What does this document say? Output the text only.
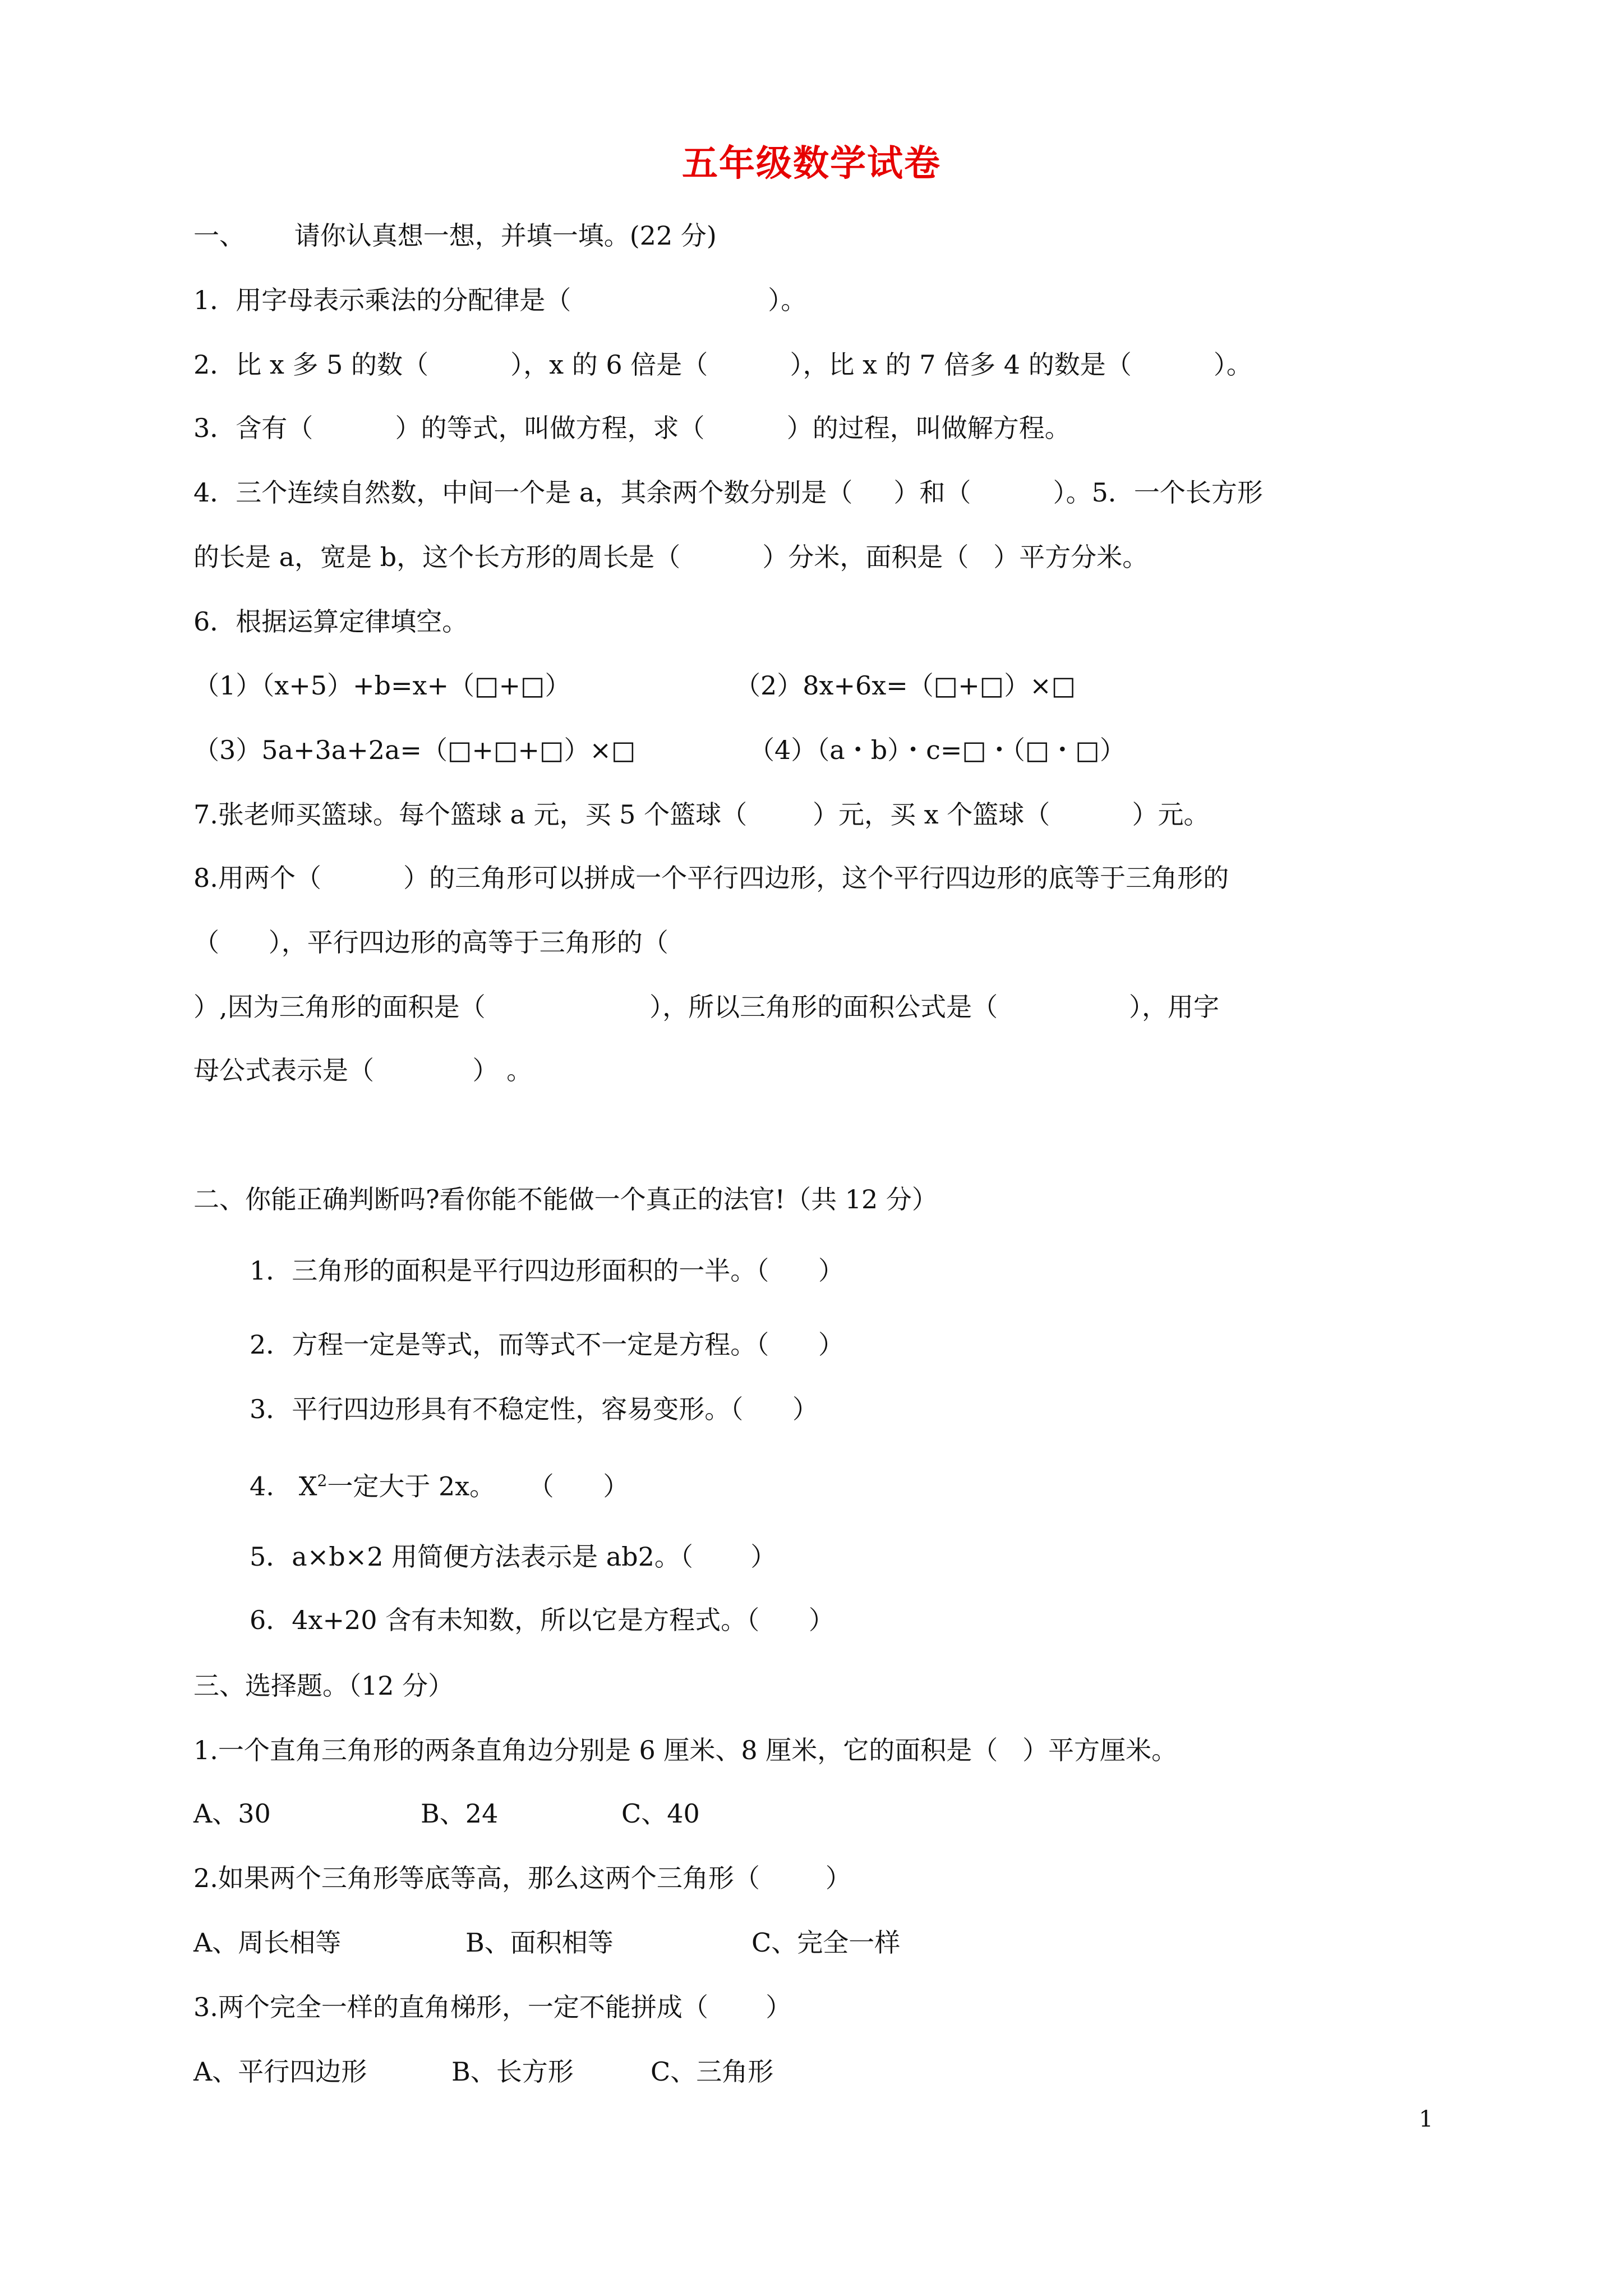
五年级数学试卷
一、      请你认真想一想，并填一填。(22 分)
1．用字母表示乘法的分配律是（                        ）。
2．比 x 多 5 的数（          ），x 的 6 倍是（          ），比 x 的 7 倍多 4 的数是（          ）。
3．含有（          ）的等式，叫做方程，求（          ）的过程，叫做解方程。
4．三个连续自然数，中间一个是 a，其余两个数分别是（     ）和（          ）。5．一个长方形
的长是 a，宽是 b，这个长方形的周长是（          ）分米，面积是（   ）平方分米。
6．根据运算定律填空。
（1）（x+5）+b=x+（□+□）	（2）8x+6x=（□+□）×□
（3）5a+3a+2a=（□+□+□）×□	（4）（a・b）・c=□・（□・□）
7.张老师买篮球。每个篮球 a 元，买 5 个篮球（        ）元，买 x 个篮球（          ）元。
8.用两个（          ）的三角形可以拼成一个平行四边形，这个平行四边形的底等于三角形的
（      ），平行四边形的高等于三角形的（
）,因为三角形的面积是（                    ），所以三角形的面积公式是（                ），用字
母公式表示是（            ） 。
二、你能正确判断吗?看你能不能做一个真正的法官!（共 12 分）
1．三角形的面积是平行四边形面积的一半。（      ）
2．方程一定是等式，而等式不一定是方程。（      ）
3．平行四边形具有不稳定性，容易变形。（      ）
4. $X^2$一定大于 2x。    （      ）
5．a×b×2 用简便方法表示是 ab2。（       ）
6．4x+20 含有未知数，所以它是方程式。（      ）
三、选择题。（12 分）
1.一个直角三角形的两条直角边分别是 6 厘米、8 厘米，它的面积是（   ）平方厘米。
A、30	B、24	C、40
2.如果两个三角形等底等高，那么这两个三角形（        ）
A、周长相等	B、面积相等	C、完全一样
3.两个完全一样的直角梯形，一定不能拼成（       ）
A、平行四边形	B、长方形	C、三角形
1
